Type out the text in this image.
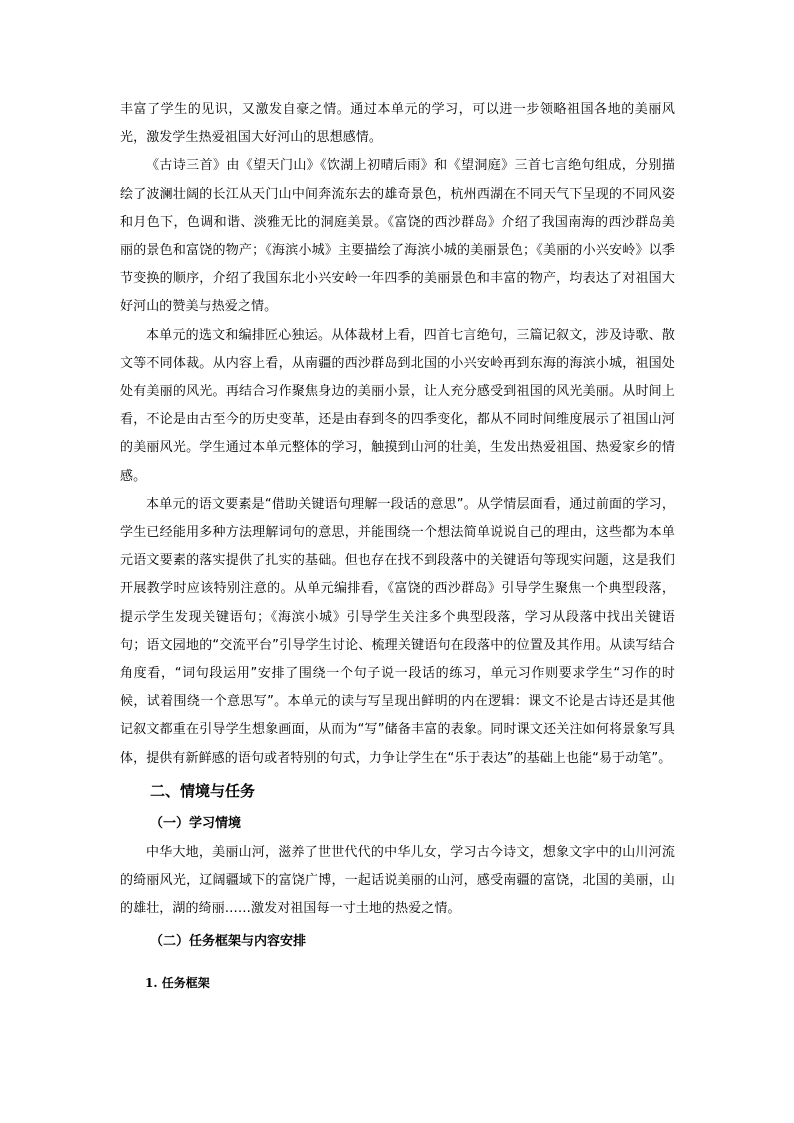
丰富了学生的见识，又激发自豪之情。通过本单元的学习，可以进一步领略祖国各地的美丽风光，激发学生热爱祖国大好河山的思想感情。

《古诗三首》由《望天门山》《饮湖上初晴后雨》和《望洞庭》三首七言绝句组成，分别描绘了波澜壮阔的长江从天门山中间奔流东去的雄奇景色，杭州西湖在不同天气下呈现的不同风姿和月色下，色调和谐、淡雅无比的洞庭美景。《富饶的西沙群岛》介绍了我国南海的西沙群岛美丽的景色和富饶的物产；《海滨小城》主要描绘了海滨小城的美丽景色；《美丽的小兴安岭》以季节变换的顺序，介绍了我国东北小兴安岭一年四季的美丽景色和丰富的物产，均表达了对祖国大好河山的赞美与热爱之情。

本单元的选文和编排匠心独运。从体裁材上看，四首七言绝句，三篇记叙文，涉及诗歌、散文等不同体裁。从内容上看，从南疆的西沙群岛到北国的小兴安岭再到东海的海滨小城，祖国处处有美丽的风光。再结合习作聚焦身边的美丽小景，让人充分感受到祖国的风光美丽。从时间上看，不论是由古至今的历史变革，还是由春到冬的四季变化，都从不同时间维度展示了祖国山河的美丽风光。学生通过本单元整体的学习，触摸到山河的壮美，生发出热爱祖国、热爱家乡的情感。

本单元的语文要素是“借助关键语句理解一段话的意思”。从学情层面看，通过前面的学习，学生已经能用多种方法理解词句的意思，并能围绕一个想法简单说说自己的理由，这些都为本单元语文要素的落实提供了扎实的基础。但也存在找不到段落中的关键语句等现实问题，这是我们开展教学时应该特别注意的。从单元编排看，《富饶的西沙群岛》引导学生聚焦一个典型段落，提示学生发现关键语句；《海滨小城》引导学生关注多个典型段落，学习从段落中找出关键语句；语文园地的“交流平台”引导学生讨论、梳理关键语句在段落中的位置及其作用。从读写结合角度看，“词句段运用”安排了围绕一个句子说一段话的练习，单元习作则要求学生“习作的时候，试着围绕一个意思写”。本单元的读与写呈现出鲜明的内在逻辑：课文不论是古诗还是其他记叙文都重在引导学生想象画面，从而为“写”储备丰富的表象。同时课文还关注如何将景象写具体，提供有新鲜感的语句或者特别的句式，力争让学生在“乐于表达”的基础上也能“易于动笔”。

二、情境与任务
（一）学习情境

中华大地，美丽山河，滋养了世世代代的中华儿女，学习古今诗文，想象文字中的山川河流的绮丽风光，辽阔疆域下的富饶广博，一起话说美丽的山河，感受南疆的富饶，北国的美丽，山的雄壮，湖的绮丽……激发对祖国每一寸土地的热爱之情。

（二）任务框架与内容安排
1. 任务框架
